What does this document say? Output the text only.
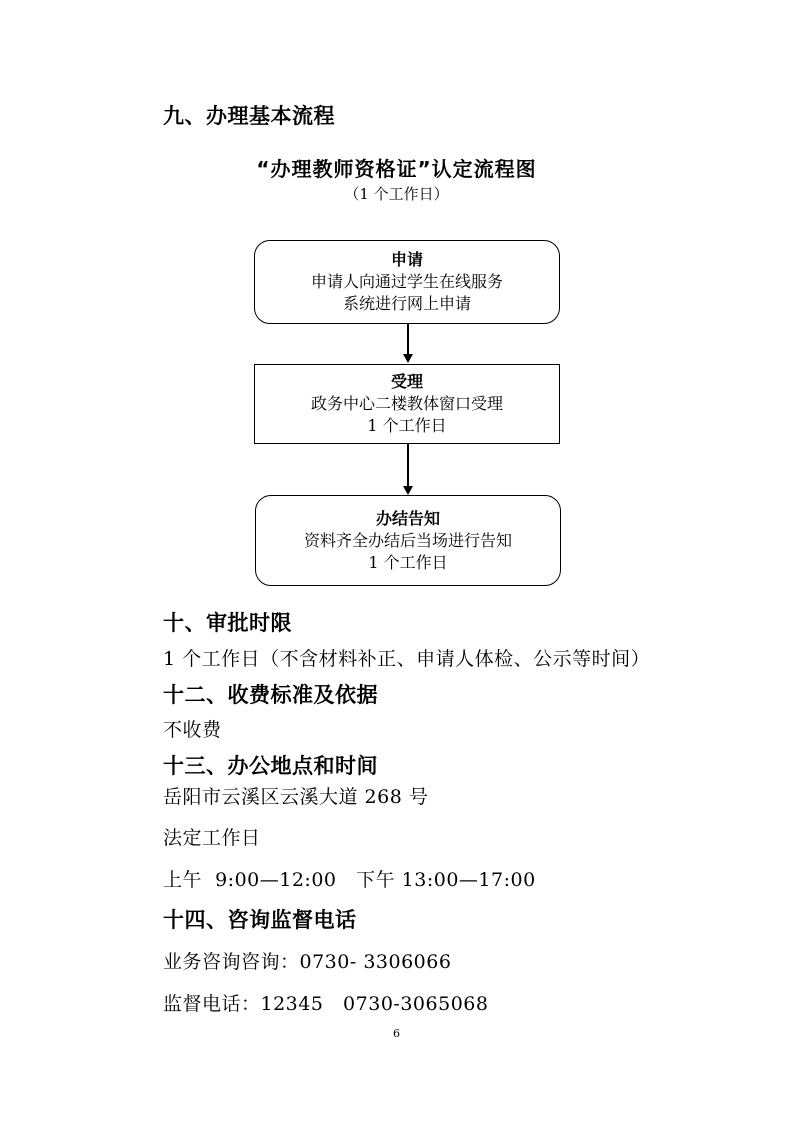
九、办理基本流程
“办理教师资格证”认定流程图
（1 个工作日）
申请
申请人向通过学生在线服务
系统进行网上申请
受理
政务中心二楼教体窗口受理
1 个工作日
办结告知
资料齐全办结后当场进行告知
1 个工作日
十、审批时限
1 个工作日（不含材料补正、申请人体检、公示等时间）
十二、收费标准及依据
不收费
十三、办公地点和时间
岳阳市云溪区云溪大道 268 号
法定工作日
上午  9:00—12:00   下午 13:00—17:00
十四、咨询监督电话
业务咨询咨询：0730- 3306066
监督电话：12345   0730-3065068
6
